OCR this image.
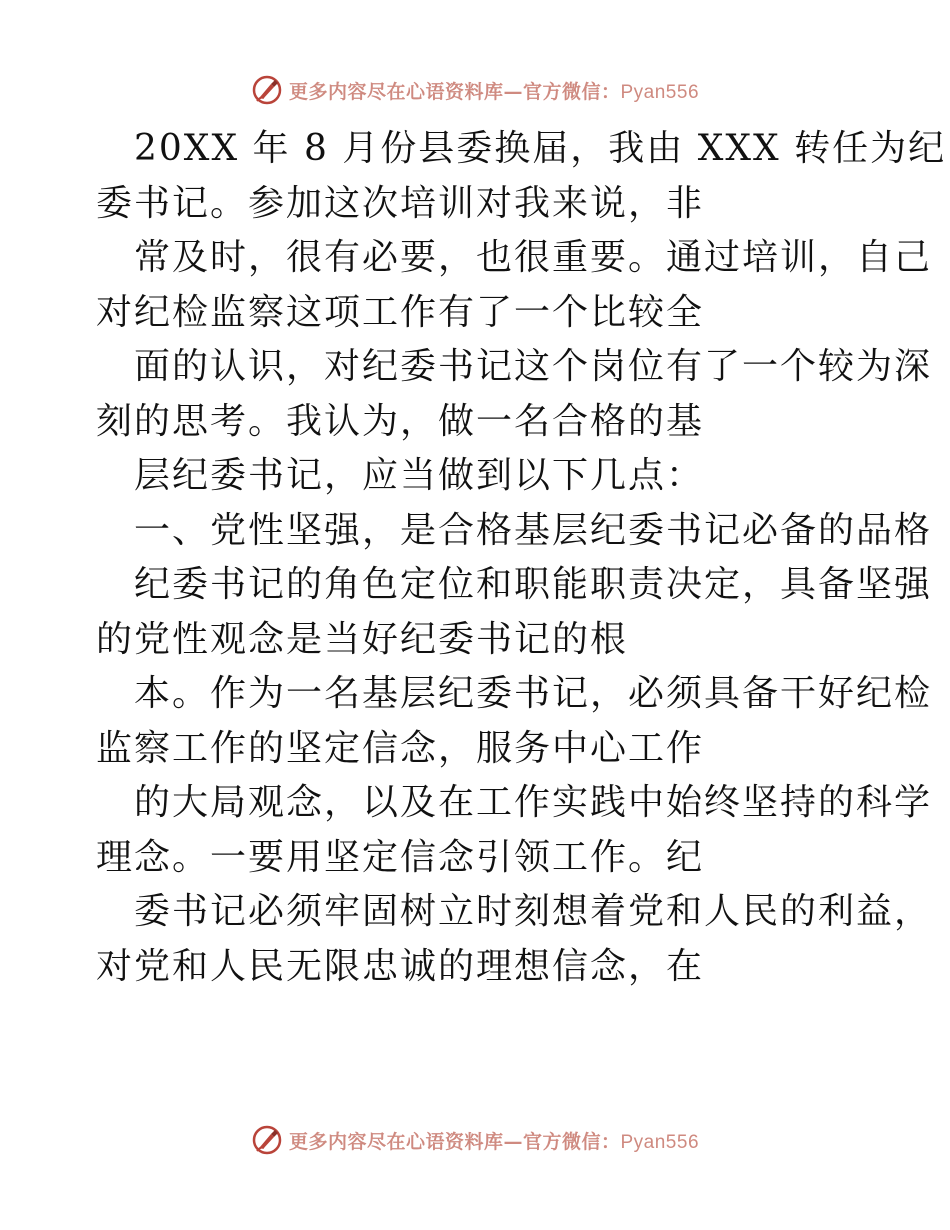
更多内容尽在心语资料库—官方微信：Pyan556
20XX 年 8 月份县委换届，我由 XXX 转任为纪
委书记。参加这次培训对我来说，非
常及时，很有必要，也很重要。通过培训，自己
对纪检监察这项工作有了一个比较全
面的认识，对纪委书记这个岗位有了一个较为深
刻的思考。我认为，做一名合格的基
层纪委书记，应当做到以下几点：
一、党性坚强，是合格基层纪委书记必备的品格
纪委书记的角色定位和职能职责决定，具备坚强
的党性观念是当好纪委书记的根
本。作为一名基层纪委书记，必须具备干好纪检
监察工作的坚定信念，服务中心工作
的大局观念，以及在工作实践中始终坚持的科学
理念。一要用坚定信念引领工作。纪
委书记必须牢固树立时刻想着党和人民的利益，
对党和人民无限忠诚的理想信念，在
更多内容尽在心语资料库—官方微信：Pyan556
